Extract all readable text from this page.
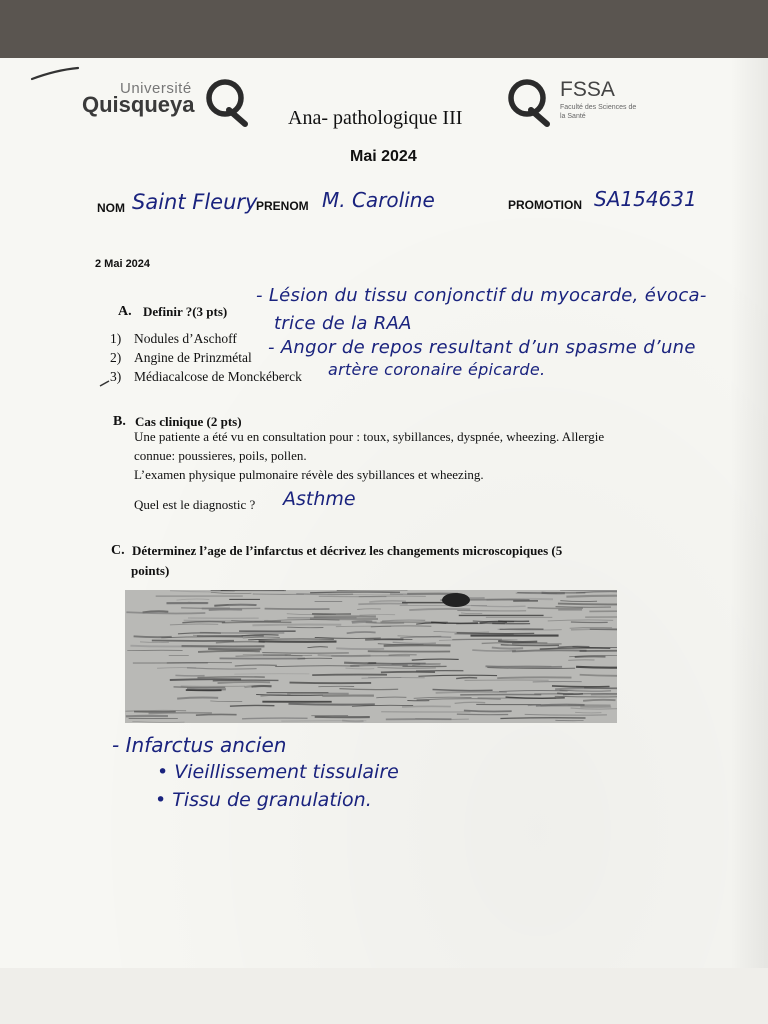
Université
Quisqueya
FSSA
Faculté des Sciences de la Santé
Ana- pathologique III
Mai 2024
NOM Saint Fleury
PRENOM M. Caroline	PROMOTION SA154631
2 Mai 2024
A. Definir ?(3 pts)
1) Nodules d’Aschoff
2) Angine de Prinzmétal
3) Médiacalcose de Monckéberck
- Lésion du tissu conjonctif du myocarde, évoca-
trice de la RAA
- Angor de repos resultant d’un spasme d’une
artère coronaire épicarde.
B. Cas clinique (2 pts)
Une patiente a été vu en consultation pour : toux, sybillances, dyspnée, wheezing. Allergie
connue: poussieres, poils, pollen.
L’examen physique pulmonaire révèle des sybillances et wheezing.
Quel est le diagnostic ? Asthme
C. Déterminez l’age de l’infarctus et décrivez les changements microscopiques (5
points)
- Infarctus ancien
• Vieillissement tissulaire
• Tissu de granulation.
